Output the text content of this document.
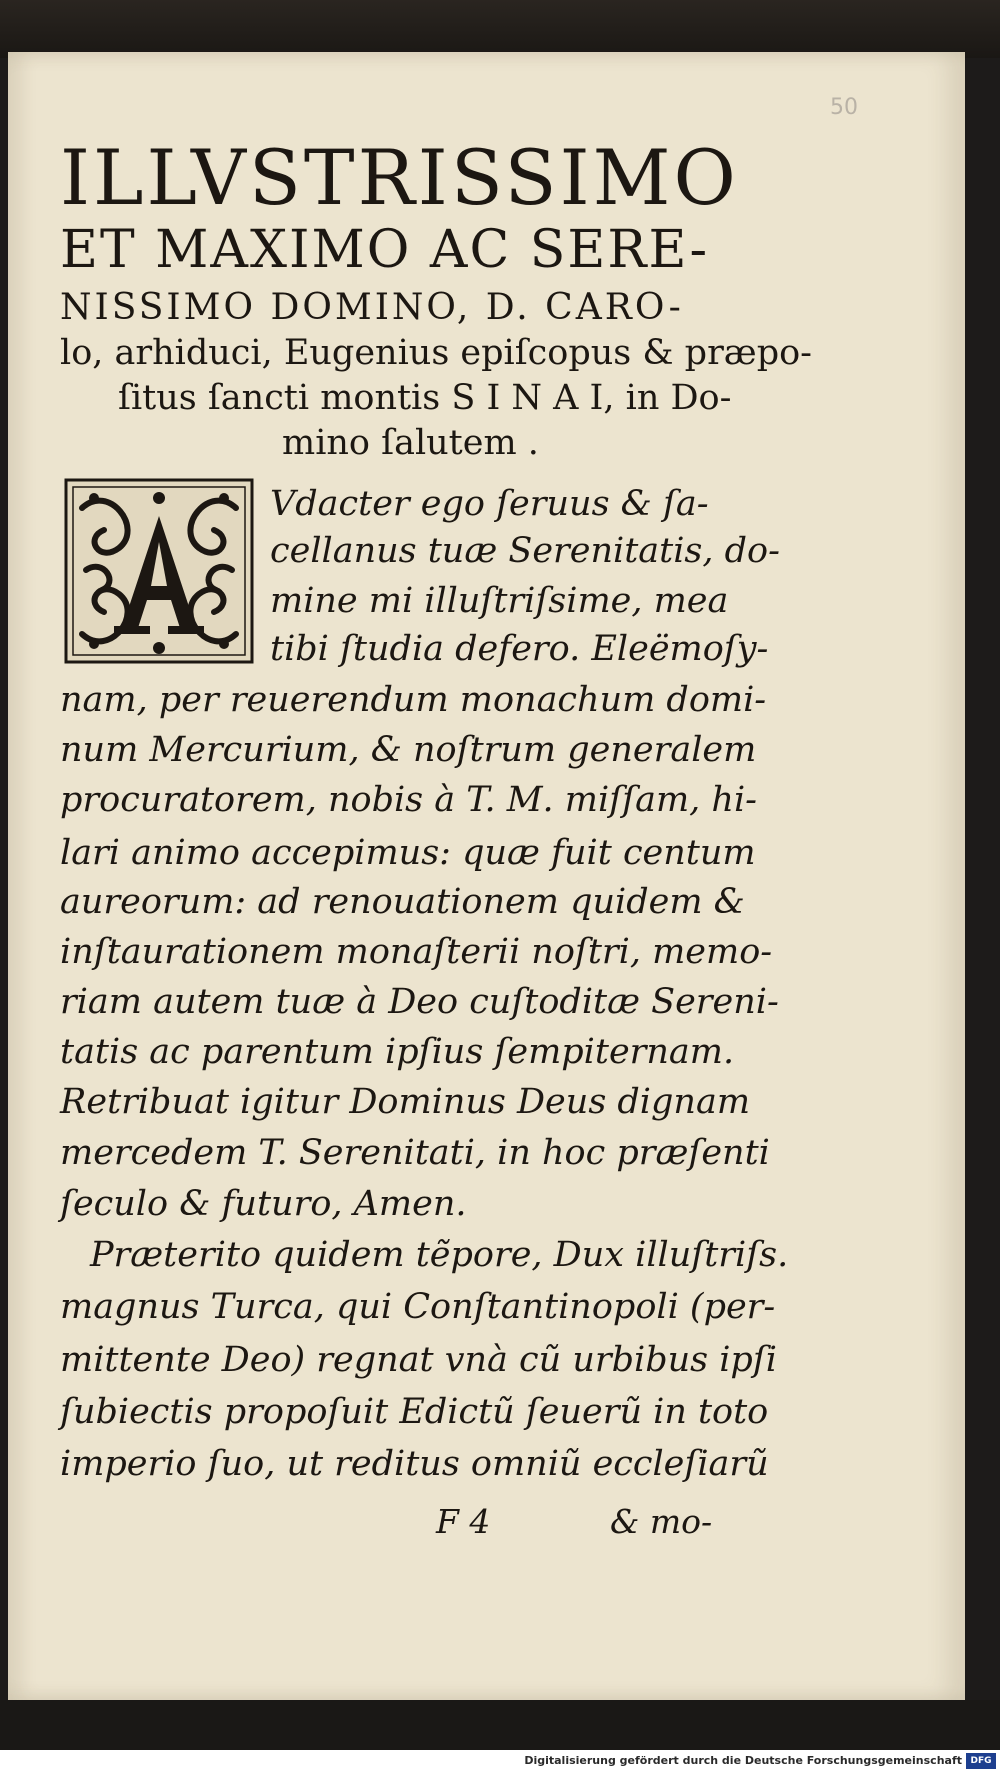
50
ILLVSTRISSIMO
ET MAXIMO AC SERE-
NISSIMO DOMINO, D. CARO-
lo, arhiduci, Eugenius epiſcopus & præpo-
ſitus ſancti montis S I N A I, in Do-
mino ſalutem .
Vdacter ego ſeruus & ſa-
cellanus tuæ Serenitatis, do-
mine mi illuſtriſsime, mea
tibi ſtudia defero. Eleëmoſy-
nam, per reuerendum monachum domi-
num Mercurium, & noſtrum generalem
procuratorem, nobis à T. M. miſſam, hi-
lari animo accepimus: quæ fuit centum
aureorum: ad renouationem quidem &
inſtaurationem monaſterii noſtri, memo-
riam autem tuæ à Deo cuſtoditæ Sereni-
tatis ac parentum ipſius ſempiternam.
Retribuat igitur Dominus Deus dignam
mercedem T. Serenitati, in hoc præſenti
ſeculo & futuro, Amen.
Præterito quidem tẽpore, Dux illuſtriſs.
magnus Turca, qui Conſtantinopoli (per-
mittente Deo) regnat vnà cũ urbibus ipſi
ſubiectis propoſuit Edictũ ſeuerũ in toto
imperio ſuo, ut reditus omniũ eccleſiarũ
F 4	& mo-
Digitalisierung gefördert durch die Deutsche Forschungsgemeinschaft DFG
